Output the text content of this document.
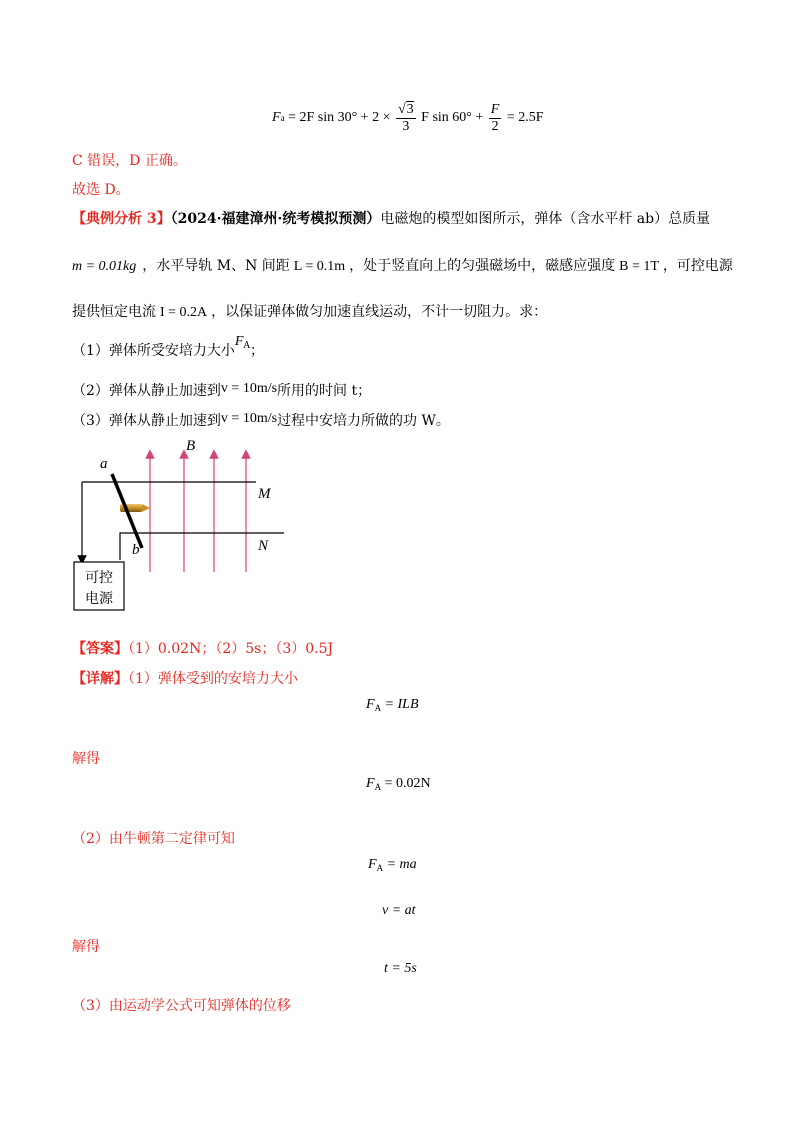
F a = 2F $\sin 30^\circ + 2 \times \frac{√3}{3}$ F $\sin 60^\circ + \frac{F}{2} = 2.5F$
C 错误，D 正确。
故选 D。
【典例分析 3】（2024·福建漳州·统考模拟预测）电磁炮的模型如图所示，弹体（含水平杆 ab）总质量
m = 0.01kg ，水平导轨 M、N 间距 L = 0.1m ，处于竖直向上的匀强磁场中，磁感应强度 B = 1T ，可控电源
提供恒定电流 I = 0.2A ，以保证弹体做匀加速直线运动，不计一切阻力。求：
（1）弹体所受安培力大小$F_A$；
（2）弹体从静止加速到v = 10m/s所用的时间 t；
（3）弹体从静止加速到v = 10m/s过程中安培力所做的功 W。
可控
电源
a
b
B
M
N
【答案】（1）0.02N；（2）5s；（3）0.5J
【详解】（1）弹体受到的安培力大小
$F_A$ = ILB
解得
$F_A = 0.02N$
（2）由牛顿第二定律可知
$F_A$ = ma
v = at
解得
t = 5s
（3）由运动学公式可知弹体的位移
